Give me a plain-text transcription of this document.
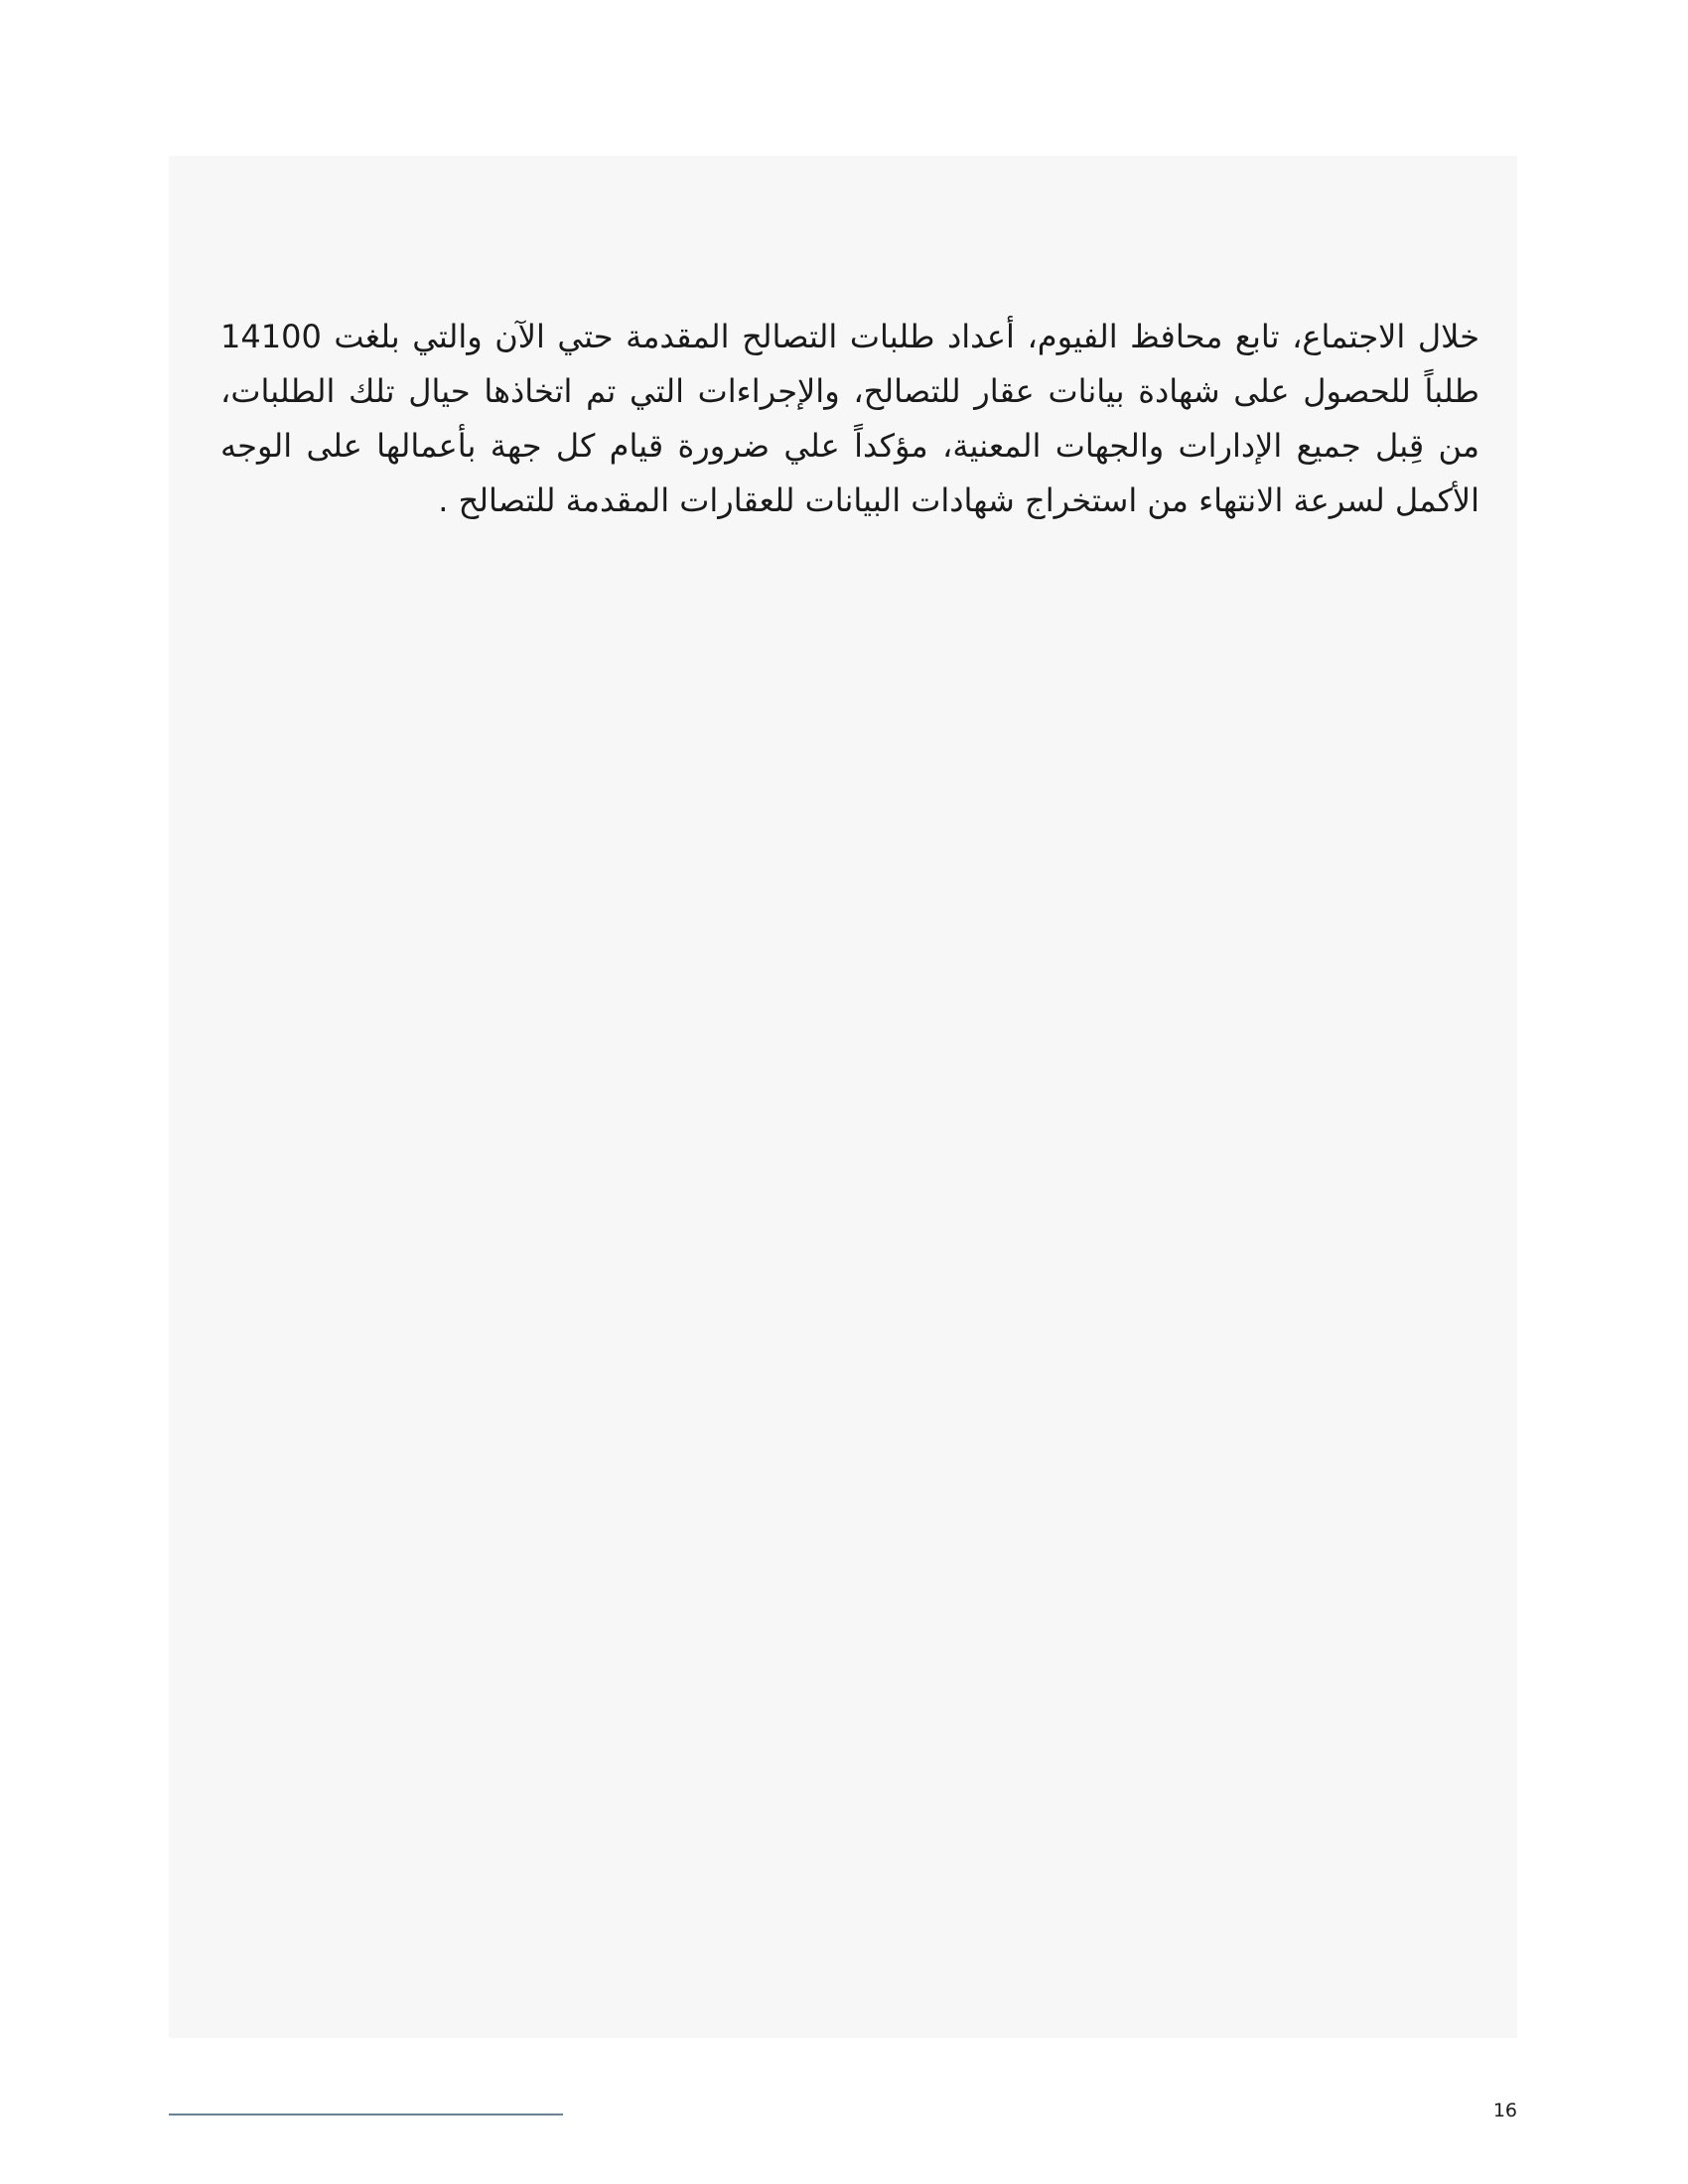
خلال الاجتماع، تابع محافظ الفيوم، أعداد طلبات التصالح المقدمة حتي الآن والتي بلغت 14100 طلباً للحصول على شهادة بيانات عقار للتصالح، والإجراءات التي تم اتخاذها حيال تلك الطلبات، من قِبل جميع الإدارات والجهات المعنية، مؤكداً علي ضرورة قيام كل جهة بأعمالها على الوجه الأكمل لسرعة الانتهاء من استخراج شهادات البيانات للعقارات المقدمة للتصالح .

16
